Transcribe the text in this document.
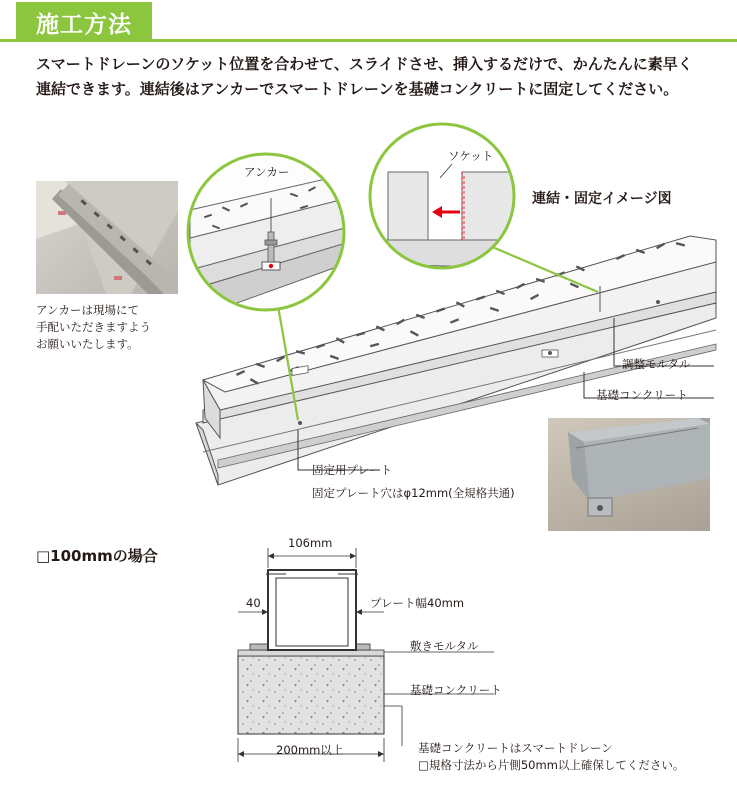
施工方法
スマートドレーンのソケット位置を合わせて、スライドさせ、挿入するだけで、かんたんに素早く
連結できます。連結後はアンカーでスマートドレーンを基礎コンクリートに固定してください。
アンカーは現場にて
手配いただきますよう
お願いいたします。
アンカー
ソケット
連結・固定イメージ図
調整モルタル
基礎コンクリート
固定用プレート
固定プレート穴はφ12mm(全規格共通)
□100mmの場合
106mm
40	プレート幅40mm
敷きモルタル
基礎コンクリート
200mm以上	基礎コンクリートはスマートドレーン
□規格寸法から片側50mm以上確保してください。
